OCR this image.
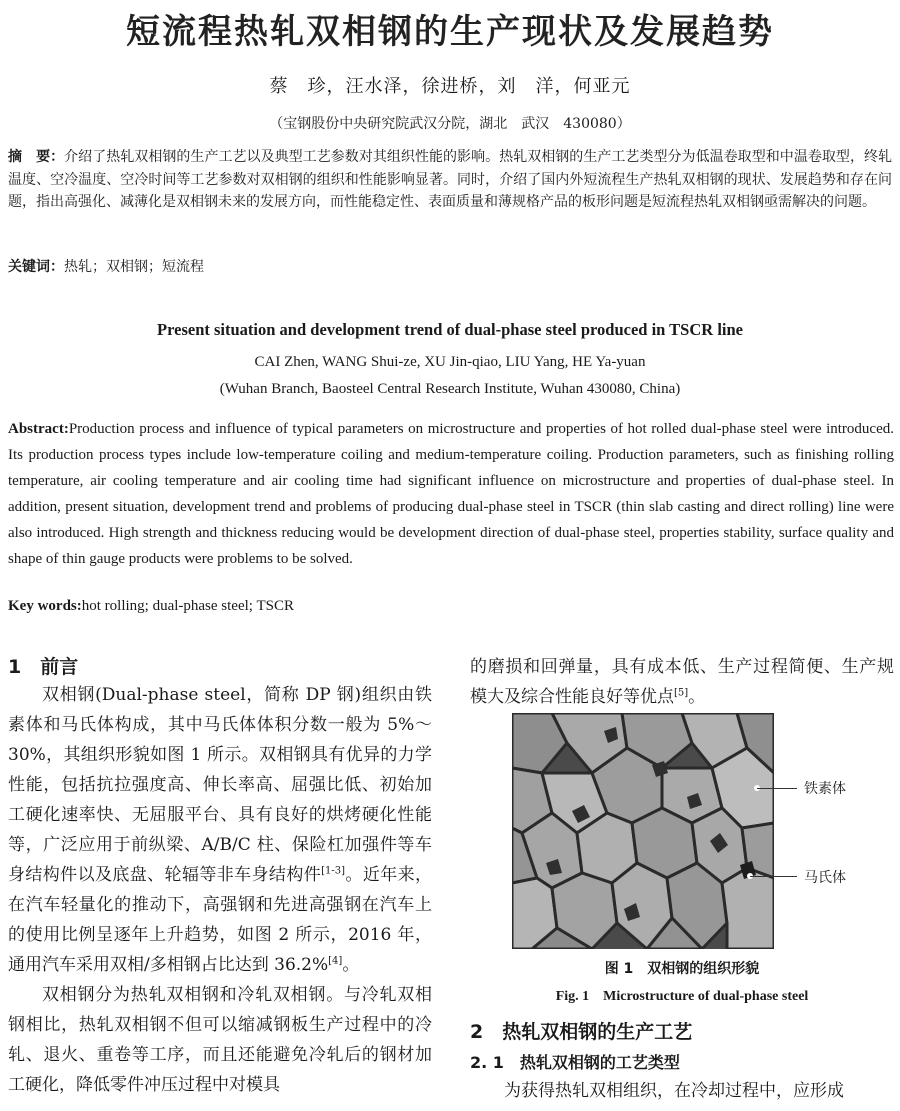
短流程热轧双相钢的生产现状及发展趋势
蔡　珍，汪水泽，徐进桥，刘　洋，何亚元
（宝钢股份中央研究院武汉分院，湖北　武汉　430080）
摘　要：介绍了热轧双相钢的生产工艺以及典型工艺参数对其组织性能的影响。热轧双相钢的生产工艺类型分为低温卷取型和中温卷取型，终轧温度、空冷温度、空冷时间等工艺参数对双相钢的组织和性能影响显著。同时，介绍了国内外短流程生产热轧双相钢的现状、发展趋势和存在问题，指出高强化、减薄化是双相钢未来的发展方向，而性能稳定性、表面质量和薄规格产品的板形问题是短流程热轧双相钢亟需解决的问题。
关键词：热轧；双相钢；短流程
Present situation and development trend of dual-phase steel produced in TSCR line
CAI Zhen, WANG Shui-ze, XU Jin-qiao, LIU Yang, HE Ya-yuan
(Wuhan Branch, Baosteel Central Research Institute, Wuhan 430080, China)
Abstract:Production process and influence of typical parameters on microstructure and properties of hot rolled dual-phase steel were introduced. Its production process types include low-temperature coiling and medium-temperature coiling. Production parameters, such as finishing rolling temperature, air cooling temperature and air cooling time had significant influence on microstructure and properties of dual-phase steel. In addition, present situation, development trend and problems of producing dual-phase steel in TSCR (thin slab casting and direct rolling) line were also introduced. High strength and thickness reducing would be development direction of dual-phase steel, properties stability, surface quality and shape of thin gauge products were problems to be solved.
Key words:hot rolling; dual-phase steel; TSCR
1　前言

双相钢(Dual-phase steel，简称 DP 钢)组织由铁素体和马氏体构成，其中马氏体体积分数一般为 5%～30%，其组织形貌如图 1 所示。双相钢具有优异的力学性能，包括抗拉强度高、伸长率高、屈强比低、初始加工硬化速率快、无屈服平台、具有良好的烘烤硬化性能等，广泛应用于前纵梁、A/B/C 柱、保险杠加强件等车身结构件以及底盘、轮辐等非车身结构件[1-3]。近年来，在汽车轻量化的推动下，高强钢和先进高强钢在汽车上的使用比例呈逐年上升趋势，如图 2 所示，2016 年，通用汽车采用双相/多相钢占比达到 36.2%[4]。

双相钢分为热轧双相钢和冷轧双相钢。与冷轧双相钢相比，热轧双相钢不但可以缩减钢板生产过程中的冷轧、退火、重卷等工序，而且还能避免冷轧后的钢材加工硬化，降低零件冲压过程中对模具

的磨损和回弹量，具有成本低、生产过程简便、生产规模大及综合性能良好等优点[5]。
铁素体
马氏体
图 1　双相钢的组织形貌
Fig. 1　Microstructure of dual-phase steel
2　热轧双相钢的生产工艺
2. 1　热轧双相钢的工艺类型
为获得热轧双相组织，在冷却过程中，应形成
